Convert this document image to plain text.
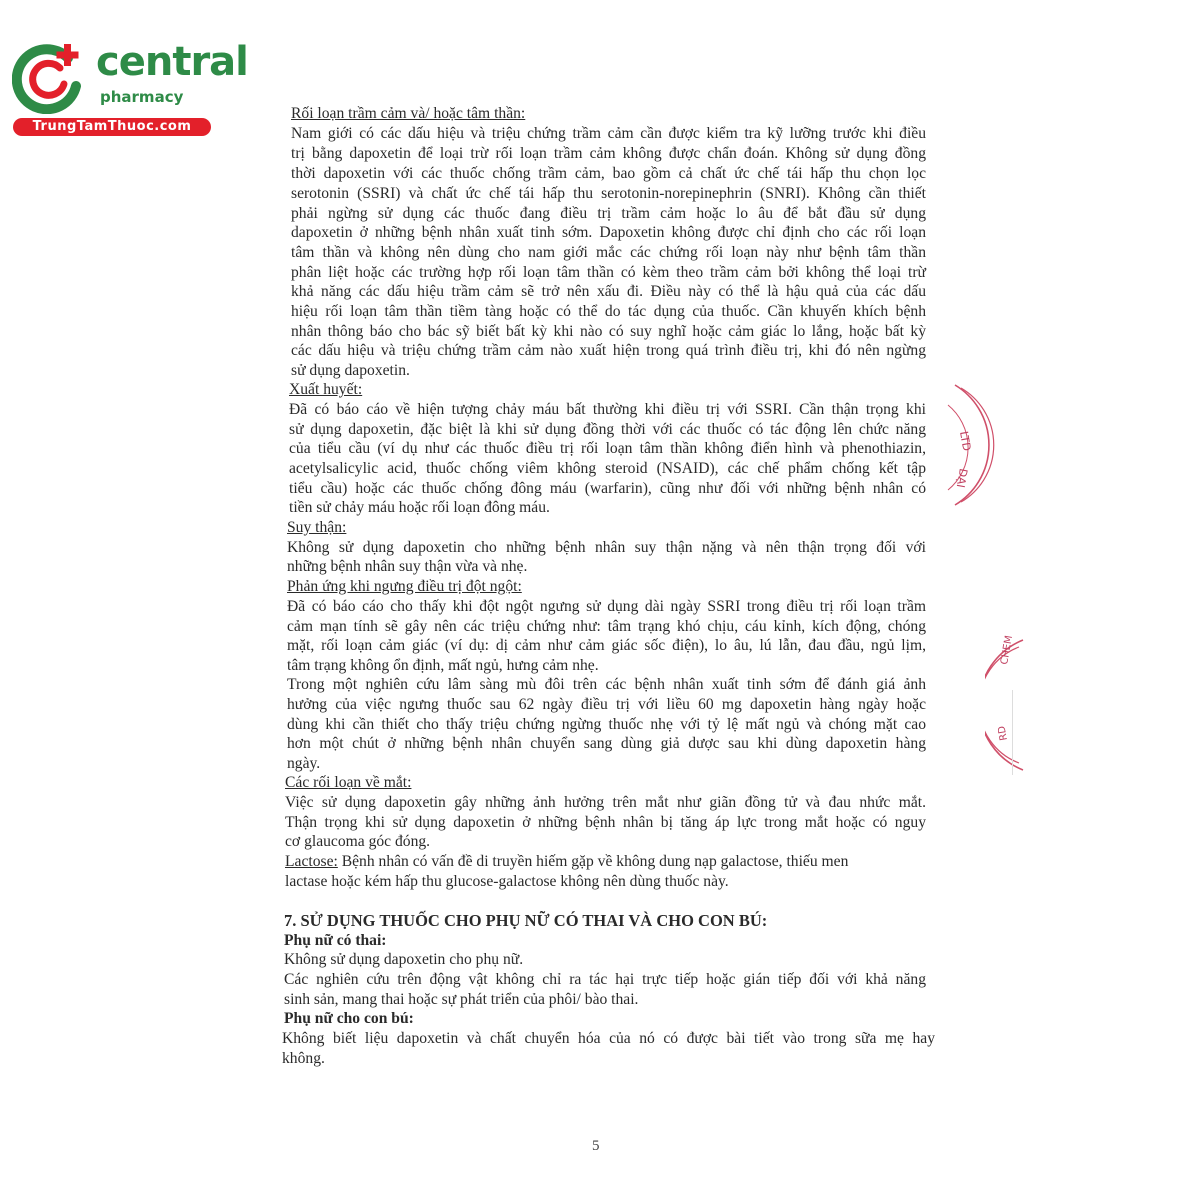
central
pharmacy
TrungTamThuoc.com
Rối loạn trầm cảm và/ hoặc tâm thần:
Nam giới có các dấu hiệu và triệu chứng trầm cảm cần được kiểm tra kỹ lưỡng trước khi điều
trị bằng dapoxetin để loại trừ rối loạn trầm cảm không được chẩn đoán. Không sử dụng đồng
thời dapoxetin với các thuốc chống trầm cảm, bao gồm cả chất ức chế tái hấp thu chọn lọc
serotonin (SSRI) và chất ức chế tái hấp thu serotonin-norepinephrin (SNRI). Không cần thiết
phải ngừng sử dụng các thuốc đang điều trị trầm cảm hoặc lo âu để bắt đầu sử dụng
dapoxetin ở những bệnh nhân xuất tinh sớm. Dapoxetin không được chỉ định cho các rối loạn
tâm thần và không nên dùng cho nam giới mắc các chứng rối loạn này như bệnh tâm thần
phân liệt hoặc các trường hợp rối loạn tâm thần có kèm theo trầm cảm bởi không thể loại trừ
khả năng các dấu hiệu trầm cảm sẽ trở nên xấu đi. Điều này có thể là hậu quả của các dấu
hiệu rối loạn tâm thần tiềm tàng hoặc có thể do tác dụng của thuốc. Cần khuyến khích bệnh
nhân thông báo cho bác sỹ biết bất kỳ khi nào có suy nghĩ hoặc cảm giác lo lắng, hoặc bất kỳ
các dấu hiệu và triệu chứng trầm cảm nào xuất hiện trong quá trình điều trị, khi đó nên ngừng
sử dụng dapoxetin.
Xuất huyết:
Đã có báo cáo về hiện tượng chảy máu bất thường khi điều trị với SSRI. Cần thận trọng khi
sử dụng dapoxetin, đặc biệt là khi sử dụng đồng thời với các thuốc có tác động lên chức năng
của tiểu cầu (ví dụ như các thuốc điều trị rối loạn tâm thần không điển hình và phenothiazin,
acetylsalicylic acid, thuốc chống viêm không steroid (NSAID), các chế phẩm chống kết tập
tiểu cầu) hoặc các thuốc chống đông máu (warfarin), cũng như đối với những bệnh nhân có
tiền sử chảy máu hoặc rối loạn đông máu.
Suy thận:
Không sử dụng dapoxetin cho những bệnh nhân suy thận nặng và nên thận trọng đối với
những bệnh nhân suy thận vừa và nhẹ.
Phản ứng khi ngưng điều trị đột ngột:
Đã có báo cáo cho thấy khi đột ngột ngưng sử dụng dài ngày SSRI trong điều trị rối loạn trầm
cảm mạn tính sẽ gây nên các triệu chứng như: tâm trạng khó chịu, cáu kỉnh, kích động, chóng
mặt, rối loạn cảm giác (ví dụ: dị cảm như cảm giác sốc điện), lo âu, lú lẫn, đau đầu, ngủ lịm,
tâm trạng không ổn định, mất ngủ, hưng cảm nhẹ.
Trong một nghiên cứu lâm sàng mù đôi trên các bệnh nhân xuất tinh sớm để đánh giá ảnh
hưởng của việc ngưng thuốc sau 62 ngày điều trị với liều 60 mg dapoxetin hàng ngày hoặc
dùng khi cần thiết cho thấy triệu chứng ngừng thuốc nhẹ với tỷ lệ mất ngủ và chóng mặt cao
hơn một chút ở những bệnh nhân chuyển sang dùng giả dược sau khi dùng dapoxetin hàng
ngày.
Các rối loạn về mắt:
Việc sử dụng dapoxetin gây những ảnh hưởng trên mắt như giãn đồng tử và đau nhức mắt.
Thận trọng khi sử dụng dapoxetin ở những bệnh nhân bị tăng áp lực trong mắt hoặc có nguy
cơ glaucoma góc đóng.
Lactose: Bệnh nhân có vấn đề di truyền hiếm gặp về không dung nạp galactose, thiếu men
lactase hoặc kém hấp thu glucose-galactose không nên dùng thuốc này.
7. SỬ DỤNG THUỐC CHO PHỤ NỮ CÓ THAI VÀ CHO CON BÚ:
Phụ nữ có thai:
Không sử dụng dapoxetin cho phụ nữ.
Các nghiên cứu trên động vật không chỉ ra tác hại trực tiếp hoặc gián tiếp đối với khả năng
sinh sản, mang thai hoặc sự phát triển của phôi/ bào thai.
Phụ nữ cho con bú:
Không biết liệu dapoxetin và chất chuyển hóa của nó có được bài tiết vào trong sữa mẹ hay
không.
LTD
DẠI
CHEM
RD
5
